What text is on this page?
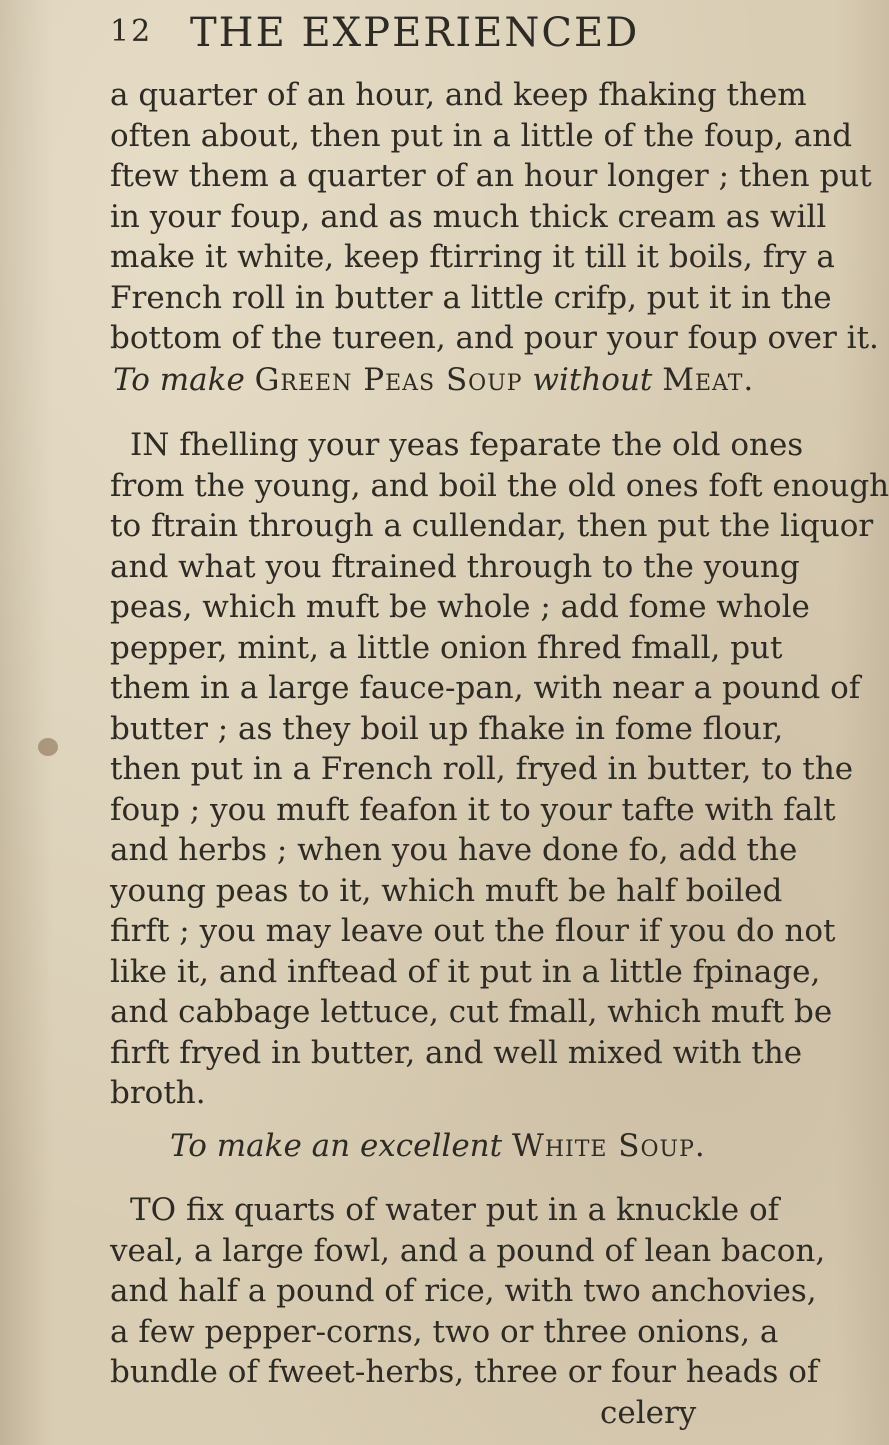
12 THE EXPERIENCED
a quarter of an hour, and keep fhaking them
often about, then put in a little of the foup, and
ftew them a quarter of an hour longer ; then put
in your foup, and as much thick cream as will
make it white, keep ftirring it till it boils, fry a
French roll in butter a little crifp, put it in the
bottom of the tureen, and pour your foup over it.
To make Green Peas Soup without Meat.
IN fhelling your yeas feparate the old ones
from the young, and boil the old ones foft enough
to ftrain through a cullendar, then put the liquor
and what you ftrained through to the young
peas, which muft be whole ; add fome whole
pepper, mint, a little onion fhred fmall, put
them in a large fauce-pan, with near a pound of
butter ; as they boil up fhake in fome flour,
then put in a French roll, fryed in butter, to the
foup ; you muft feafon it to your tafte with falt
and herbs ; when you have done fo, add the
young peas to it, which muft be half boiled
firft ; you may leave out the flour if you do not
like it, and inftead of it put in a little fpinage,
and cabbage lettuce, cut fmall, which muft be
firft fryed in butter, and well mixed with the
broth.
To make an excellent White Soup.
TO fix quarts of water put in a knuckle of
veal, a large fowl, and a pound of lean bacon,
and half a pound of rice, with two anchovies,
a few pepper-corns, two or three onions, a
bundle of fweet-herbs, three or four heads of
celery
